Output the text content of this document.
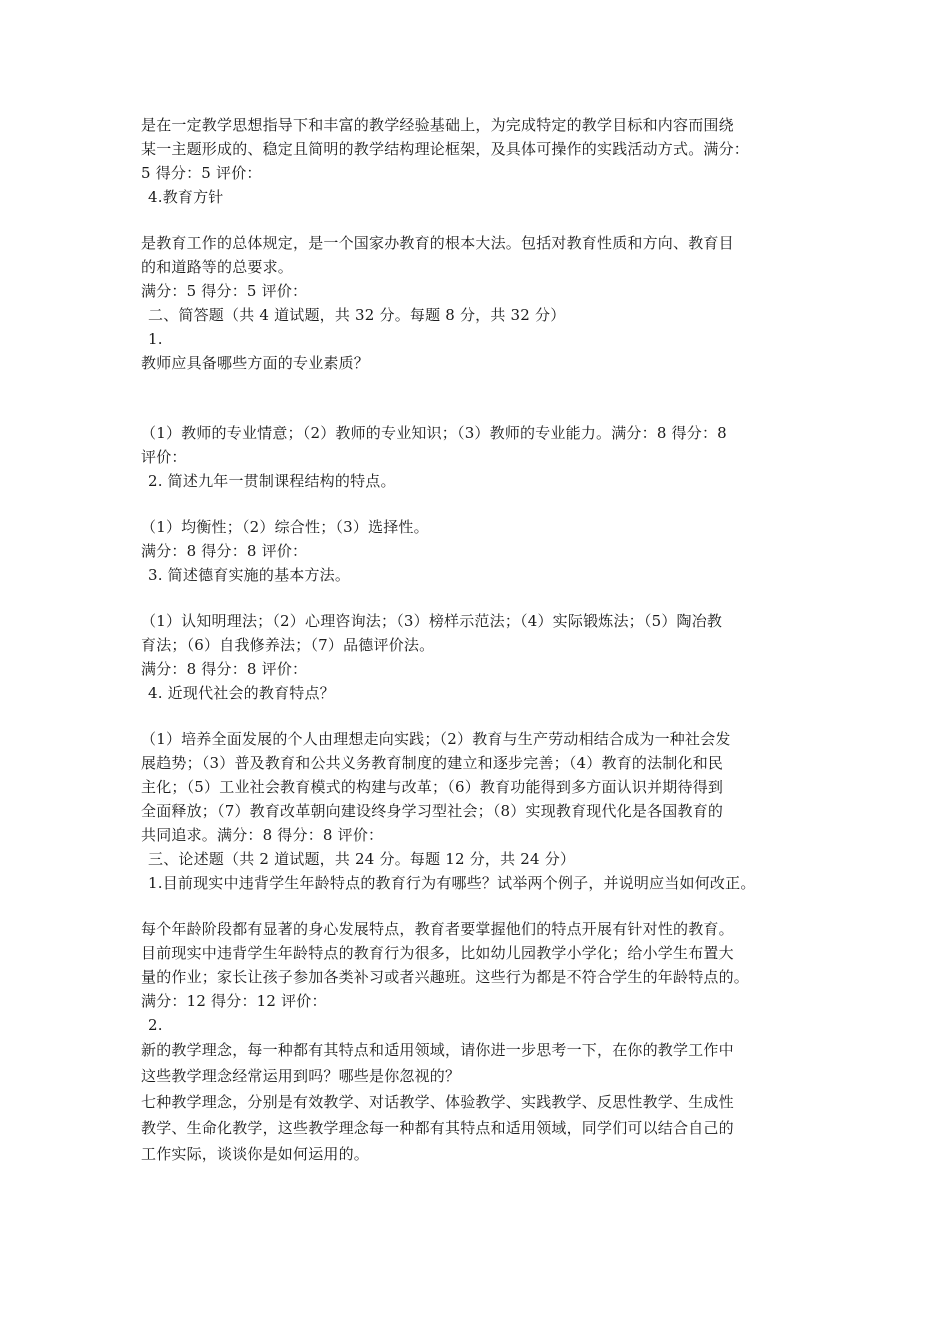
是在一定教学思想指导下和丰富的教学经验基础上，为完成特定的教学目标和内容而围绕
某一主题形成的、稳定且简明的教学结构理论框架，及具体可操作的实践活动方式。满分：
5 得分：5 评价：
4.教育方针
是教育工作的总体规定，是一个国家办教育的根本大法。包括对教育性质和方向、教育目
的和道路等的总要求。
满分：5 得分：5 评价：
二、简答题（共 4 道试题，共 32 分。每题 8 分，共 32 分）
1.
教师应具备哪些方面的专业素质？
（1）教师的专业情意；（2）教师的专业知识；（3）教师的专业能力。满分：8 得分：8
评价：
2. 简述九年一贯制课程结构的特点。
（1）均衡性；（2）综合性；（3）选择性。
满分：8 得分：8 评价：
3. 简述德育实施的基本方法。
（1）认知明理法；（2）心理咨询法；（3）榜样示范法；（4）实际锻炼法；（5）陶冶教
育法；（6）自我修养法；（7）品德评价法。
满分：8 得分：8 评价：
4. 近现代社会的教育特点？
（1）培养全面发展的个人由理想走向实践；（2）教育与生产劳动相结合成为一种社会发
展趋势；（3）普及教育和公共义务教育制度的建立和逐步完善；（4）教育的法制化和民
主化；（5）工业社会教育模式的构建与改革；（6）教育功能得到多方面认识并期待得到
全面释放；（7）教育改革朝向建设终身学习型社会；（8）实现教育现代化是各国教育的
共同追求。满分：8 得分：8 评价：
三、论述题（共 2 道试题，共 24 分。每题 12 分，共 24 分）
1.目前现实中违背学生年龄特点的教育行为有哪些？试举两个例子，并说明应当如何改正。
每个年龄阶段都有显著的身心发展特点，教育者要掌握他们的特点开展有针对性的教育。
目前现实中违背学生年龄特点的教育行为很多，比如幼儿园教学小学化；给小学生布置大
量的作业；家长让孩子参加各类补习或者兴趣班。这些行为都是不符合学生的年龄特点的。
满分：12 得分：12 评价：
2.
新的教学理念，每一种都有其特点和适用领域，请你进一步思考一下，在你的教学工作中
这些教学理念经常运用到吗？哪些是你忽视的？
七种教学理念，分别是有效教学、对话教学、体验教学、实践教学、反思性教学、生成性
教学、生命化教学，这些教学理念每一种都有其特点和适用领域，同学们可以结合自己的
工作实际，谈谈你是如何运用的。
